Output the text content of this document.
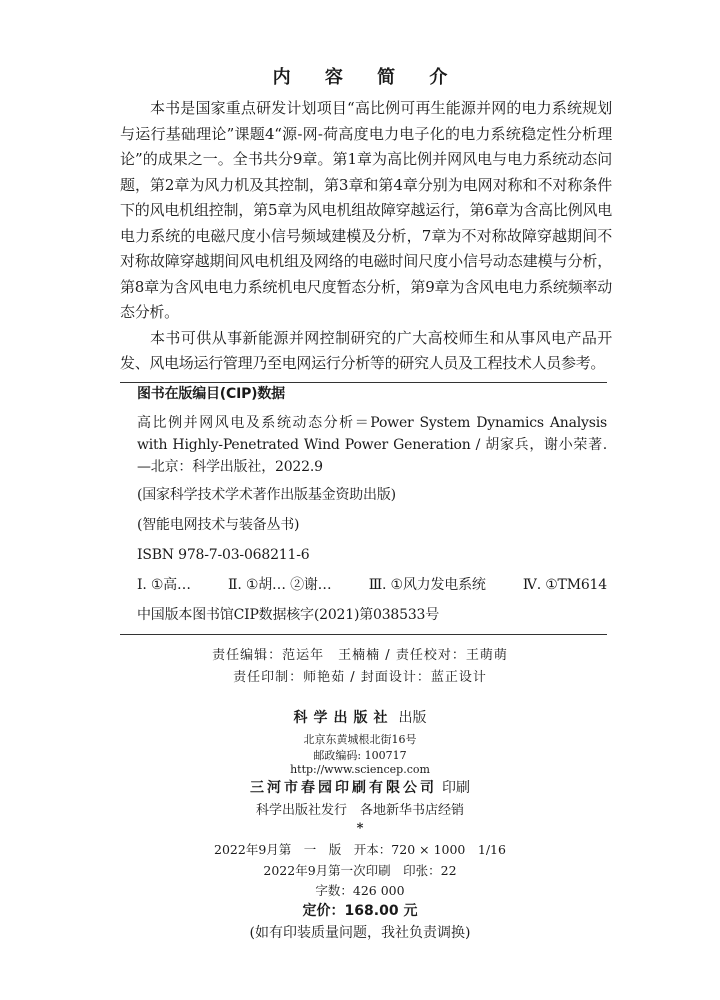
内 容 简 介

本书是国家重点研发计划项目“高比例可再生能源并网的电力系统规划与运行基础理论”课题4“源-网-荷高度电力电子化的电力系统稳定性分析理论”的成果之一。全书共分9章。第1章为高比例并网风电与电力系统动态问题，第2章为风力机及其控制，第3章和第4章分别为电网对称和不对称条件下的风电机组控制，第5章为风电机组故障穿越运行，第6章为含高比例风电电力系统的电磁尺度小信号频域建模及分析，7章为不对称故障穿越期间不对称故障穿越期间风电机组及网络的电磁时间尺度小信号动态建模与分析，第8章为含风电电力系统机电尺度暂态分析，第9章为含风电电力系统频率动态分析。

本书可供从事新能源并网控制研究的广大高校师生和从事风电产品开发、风电场运行管理乃至电网运行分析等的研究人员及工程技术人员参考。

图书在版编目(CIP)数据
高比例并网风电及系统动态分析＝Power System Dynamics Analysis with Highly-Penetrated Wind Power Generation / 胡家兵，谢小荣著. —北京：科学出版社，2022.9
(国家科学技术学术著作出版基金资助出版)
(智能电网技术与装备丛书)
ISBN 978-7-03-068211-6
Ⅰ. ①高…	Ⅱ. ①胡… ②谢…	Ⅲ. ①风力发电系统	Ⅳ. ①TM614
中国版本图书馆CIP数据核字(2021)第038533号
责任编辑：范运年　王楠楠 / 责任校对：王萌萌
责任印制：师艳茹 / 封面设计：蓝正设计
科学出版社 出版
北京东黄城根北街16号
邮政编码: 100717
http://www.sciencep.com
三河市春园印刷有限公司 印刷
科学出版社发行　各地新华书店经销
*
2022年9月第　一　版　开本：720 × 1000　1/16
2022年9月第一次印刷　印张：22
字数：426 000
定价：168.00 元
(如有印装质量问题，我社负责调换)
